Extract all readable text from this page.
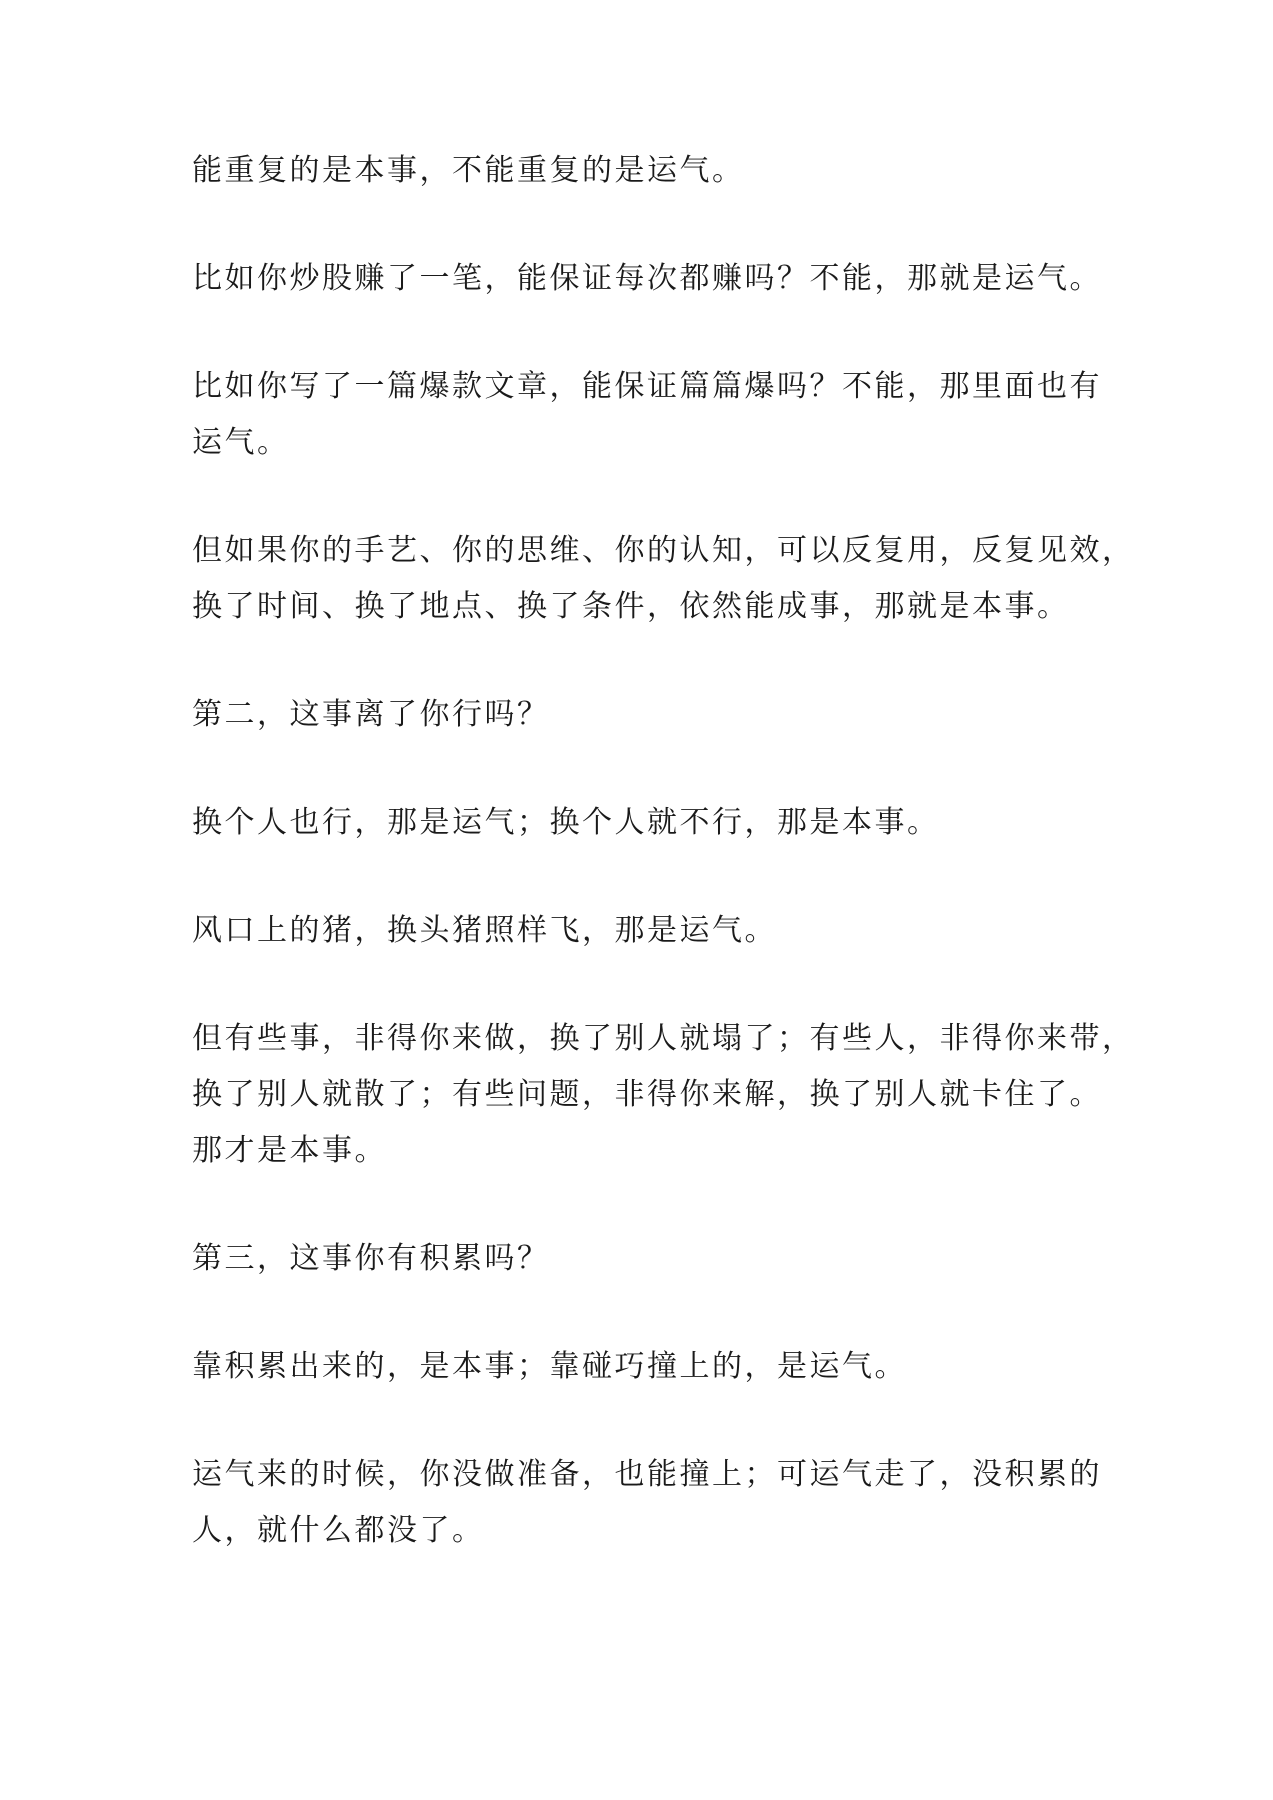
能重复的是本事，不能重复的是运气。

比如你炒股赚了一笔，能保证每次都赚吗？不能，那就是运气。

比如你写了一篇爆款文章，能保证篇篇爆吗？不能，那里面也有
运气。

但如果你的手艺、你的思维、你的认知，可以反复用，反复见效，
换了时间、换了地点、换了条件，依然能成事，那就是本事。

第二，这事离了你行吗？

换个人也行，那是运气；换个人就不行，那是本事。

风口上的猪，换头猪照样飞，那是运气。

但有些事，非得你来做，换了别人就塌了；有些人，非得你来带，
换了别人就散了；有些问题，非得你来解，换了别人就卡住了。
那才是本事。

第三，这事你有积累吗？

靠积累出来的，是本事；靠碰巧撞上的，是运气。

运气来的时候，你没做准备，也能撞上；可运气走了，没积累的
人，就什么都没了。
